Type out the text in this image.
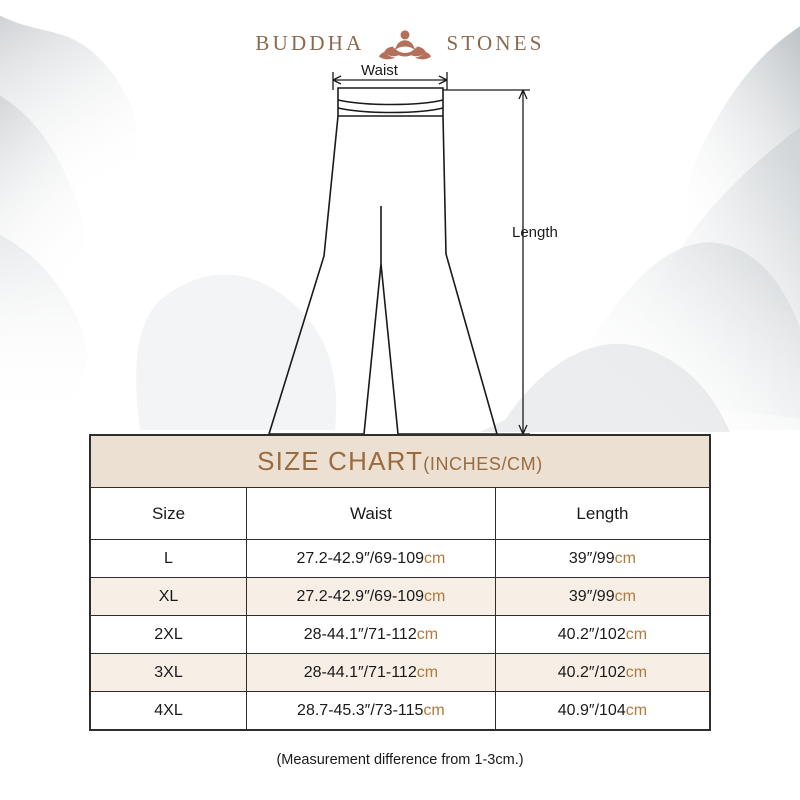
BUDDHA	STONES
Waist
Length
SIZE CHART (INCHES/CM)		

Size	Waist	Length
L	27.2-42.9″/69-109cm	39″/99cm
XL	27.2-42.9″/69-109cm	39″/99cm
2XL	28-44.1″/71-112cm	40.2″/102cm
3XL	28-44.1″/71-112cm	40.2″/102cm
4XL	28.7-45.3″/73-115cm	40.9″/104cm
(Measurement difference from 1-3cm.)
